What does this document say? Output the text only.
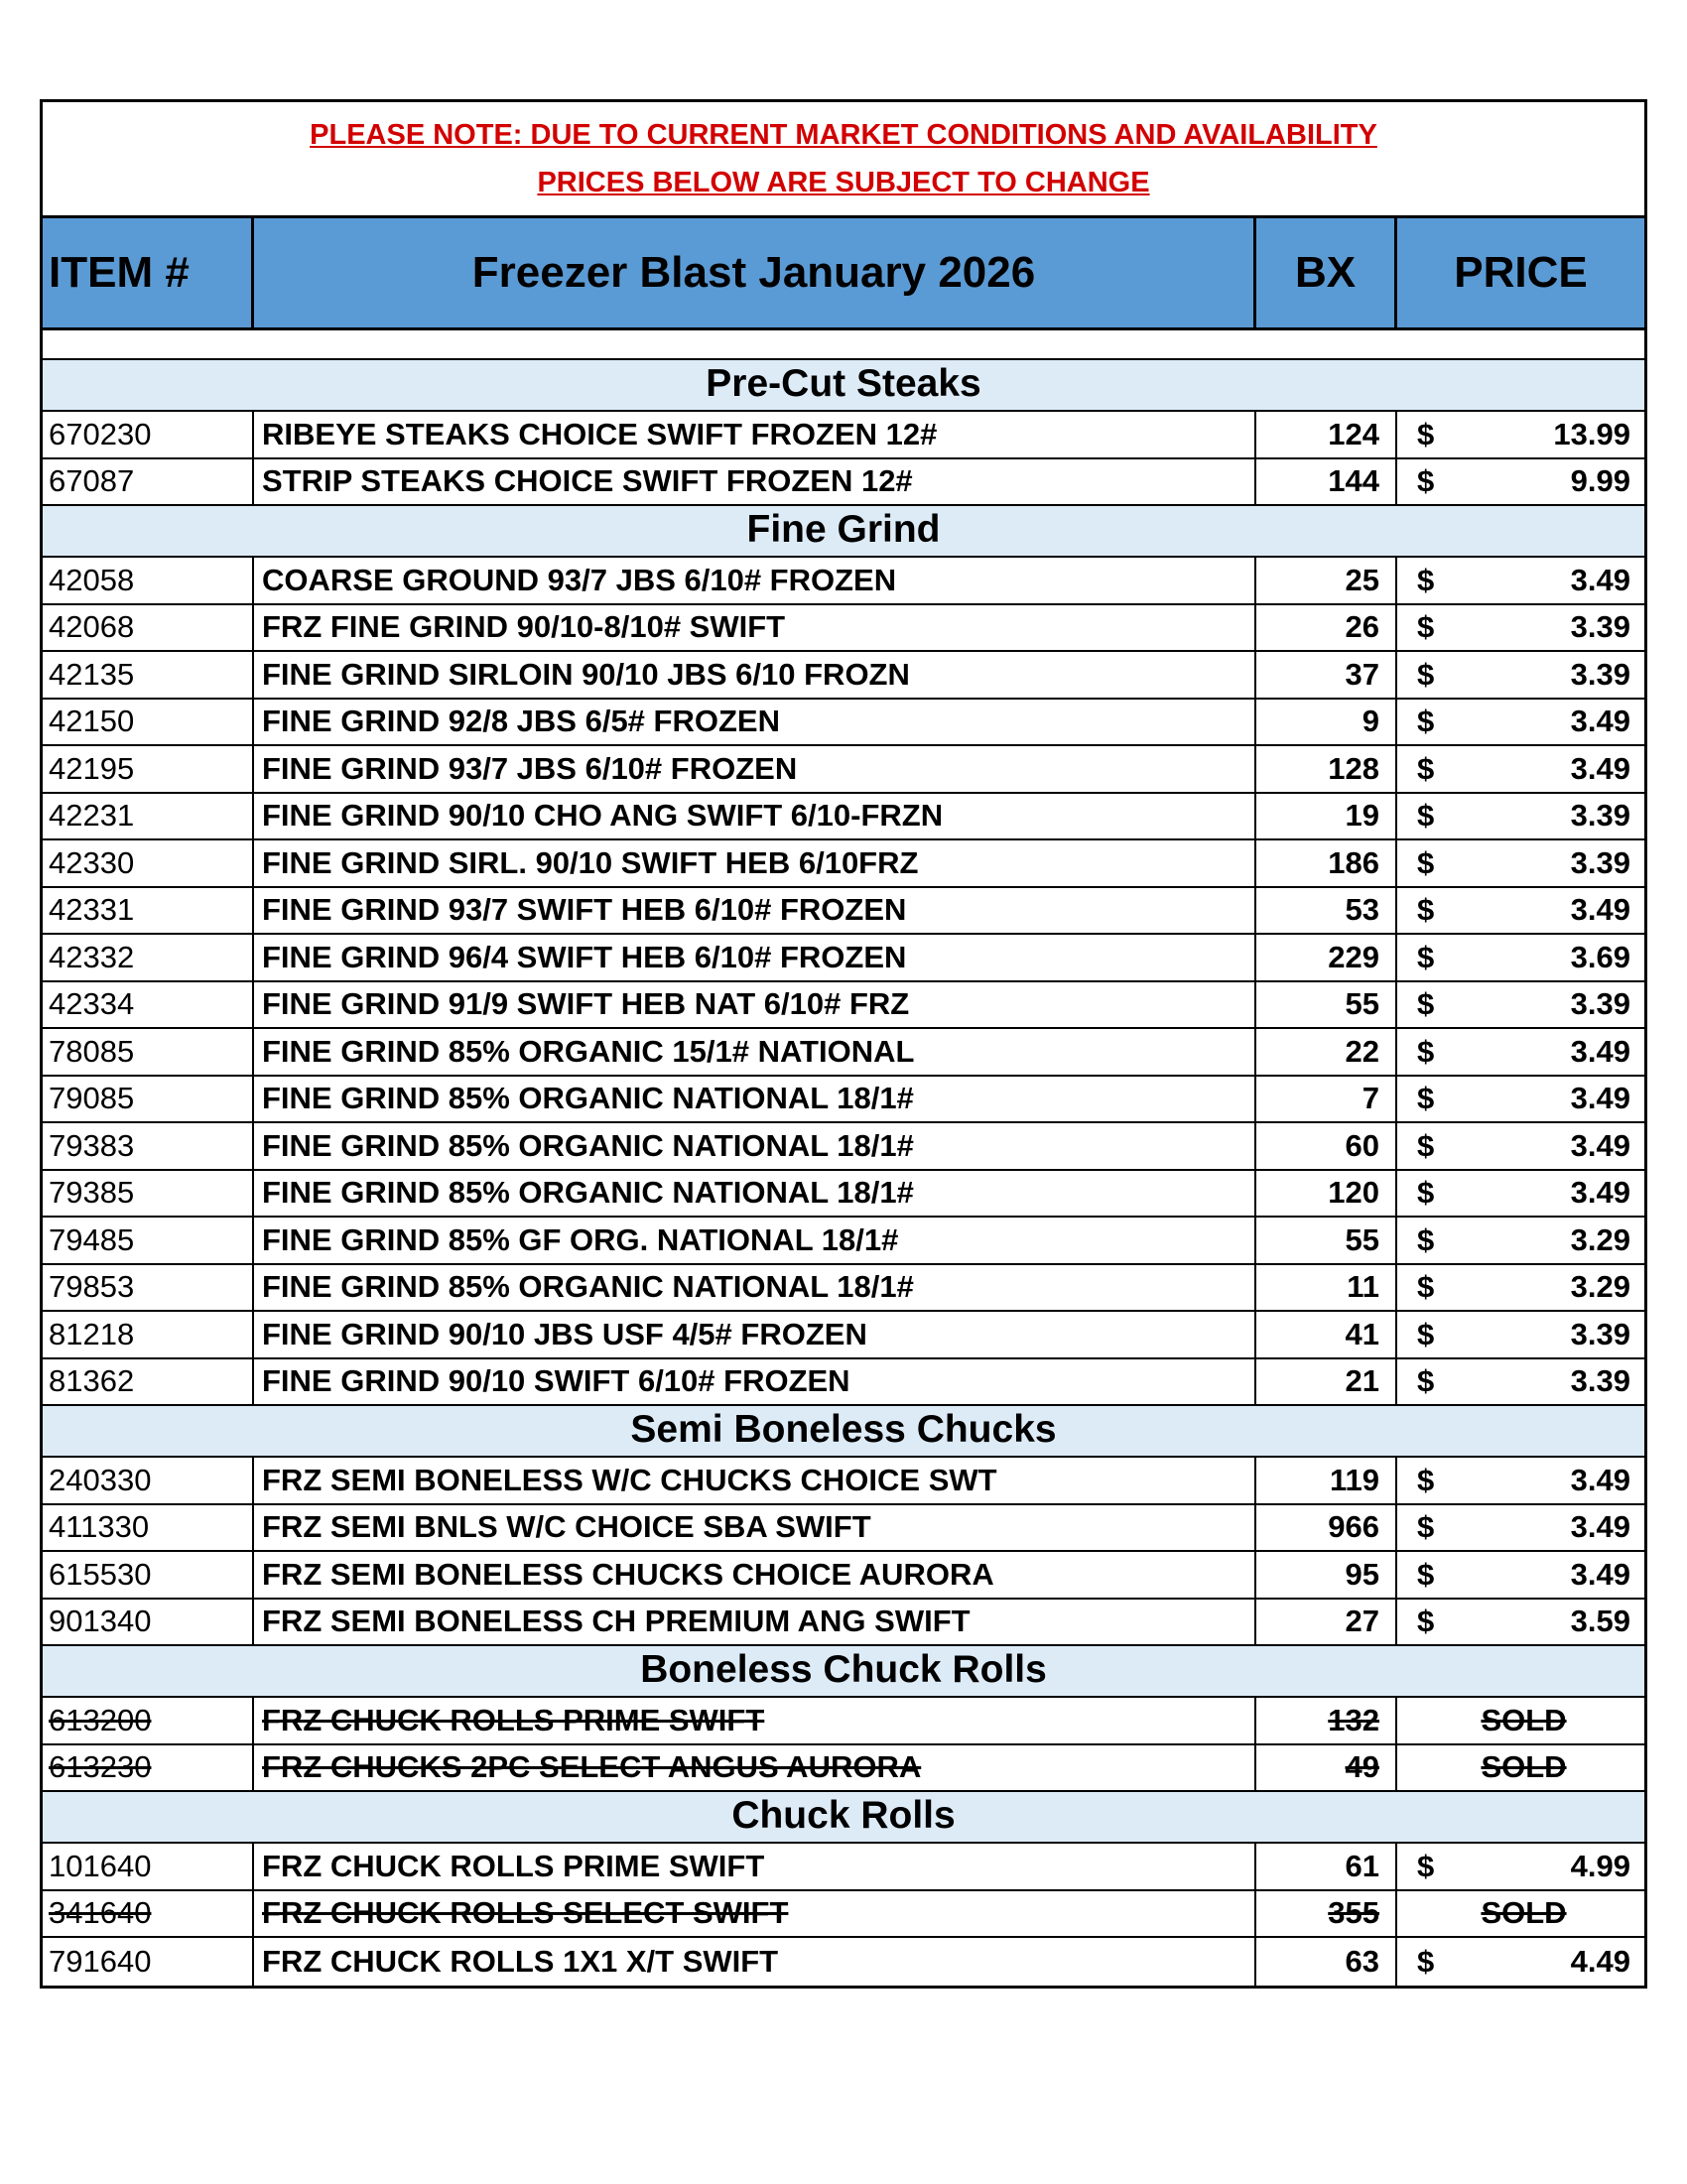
PLEASE NOTE: DUE TO CURRENT MARKET CONDITIONS AND AVAILABILITY
PRICES BELOW ARE SUBJECT TO CHANGE
ITEM #	Freezer Blast January 2026	BX	PRICE
Pre-Cut Steaks
670230	RIBEYE STEAKS CHOICE SWIFT FROZEN 12#	124	$	13.99
67087	STRIP STEAKS CHOICE SWIFT FROZEN 12#	144	$	9.99
Fine Grind
42058	COARSE GROUND 93/7 JBS 6/10# FROZEN	25	$	3.49
42068	FRZ FINE GRIND 90/10-8/10# SWIFT	26	$	3.39
42135	FINE GRIND SIRLOIN 90/10 JBS 6/10 FROZN	37	$	3.39
42150	FINE GRIND 92/8 JBS 6/5# FROZEN	9	$	3.49
42195	FINE GRIND 93/7 JBS 6/10# FROZEN	128	$	3.49
42231	FINE GRIND 90/10 CHO ANG SWIFT 6/10-FRZN	19	$	3.39
42330	FINE GRIND SIRL. 90/10 SWIFT HEB 6/10FRZ	186	$	3.39
42331	FINE GRIND 93/7 SWIFT HEB 6/10# FROZEN	53	$	3.49
42332	FINE GRIND 96/4 SWIFT HEB 6/10# FROZEN	229	$	3.69
42334	FINE GRIND 91/9 SWIFT HEB NAT 6/10# FRZ	55	$	3.39
78085	FINE GRIND 85% ORGANIC 15/1# NATIONAL	22	$	3.49
79085	FINE GRIND 85% ORGANIC NATIONAL 18/1#	7	$	3.49
79383	FINE GRIND 85% ORGANIC NATIONAL 18/1#	60	$	3.49
79385	FINE GRIND 85% ORGANIC NATIONAL 18/1#	120	$	3.49
79485	FINE GRIND 85% GF ORG. NATIONAL 18/1#	55	$	3.29
79853	FINE GRIND 85% ORGANIC NATIONAL 18/1#	11	$	3.29
81218	FINE GRIND 90/10 JBS USF 4/5# FROZEN	41	$	3.39
81362	FINE GRIND 90/10 SWIFT 6/10# FROZEN	21	$	3.39
Semi Boneless Chucks
240330	FRZ SEMI BONELESS W/C CHUCKS CHOICE SWT	119	$	3.49
411330	FRZ SEMI BNLS W/C CHOICE SBA SWIFT	966	$	3.49
615530	FRZ SEMI BONELESS CHUCKS CHOICE AURORA	95	$	3.49
901340	FRZ SEMI BONELESS CH PREMIUM ANG SWIFT	27	$	3.59
Boneless Chuck Rolls
613200	FRZ CHUCK ROLLS PRIME SWIFT	132	SOLD
613230	FRZ CHUCKS 2PC SELECT ANGUS AURORA	49	SOLD
Chuck Rolls
101640	FRZ CHUCK ROLLS PRIME SWIFT	61	$	4.99
341640	FRZ CHUCK ROLLS SELECT SWIFT	355	SOLD
791640	FRZ CHUCK ROLLS 1X1 X/T SWIFT	63	$	4.49
